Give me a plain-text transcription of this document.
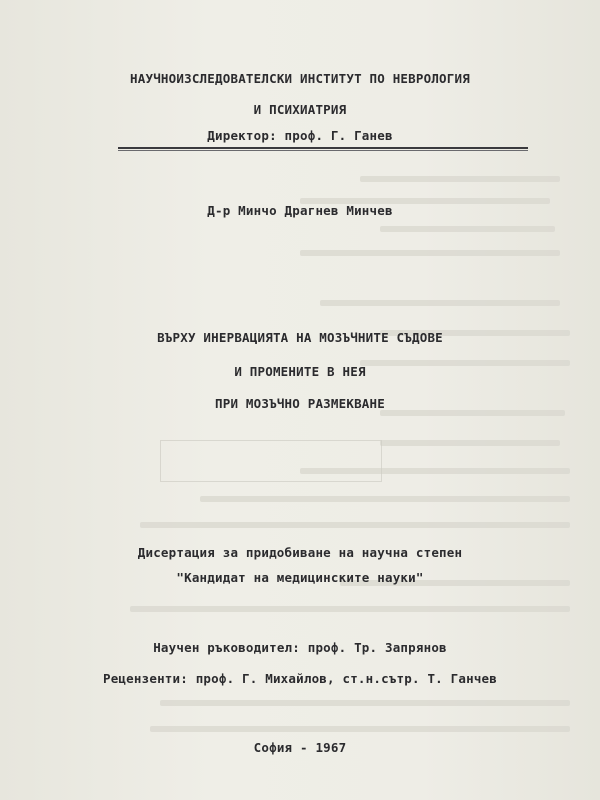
НАУЧНОИЗСЛЕДОВАТЕЛСКИ ИНСТИТУТ ПО НЕВРОЛОГИЯ
И ПСИХИАТРИЯ
Директор: проф. Г. Ганев
Д-р Минчо Драгнев Минчев
ВЪРХУ ИНЕРВАЦИЯТА НА МОЗЪЧНИТЕ СЪДОВЕ
И ПРОМЕНИТЕ В НЕЯ
ПРИ МОЗЪЧНО РАЗМЕКВАНЕ
Дисертация за придобиване на научна степен
"Кандидат на медицинските науки"
Научен ръководител: проф. Тр. Запрянов
Рецензенти: проф. Г. Михайлов, ст.н.сътр. Т. Ганчев
София - 1967
